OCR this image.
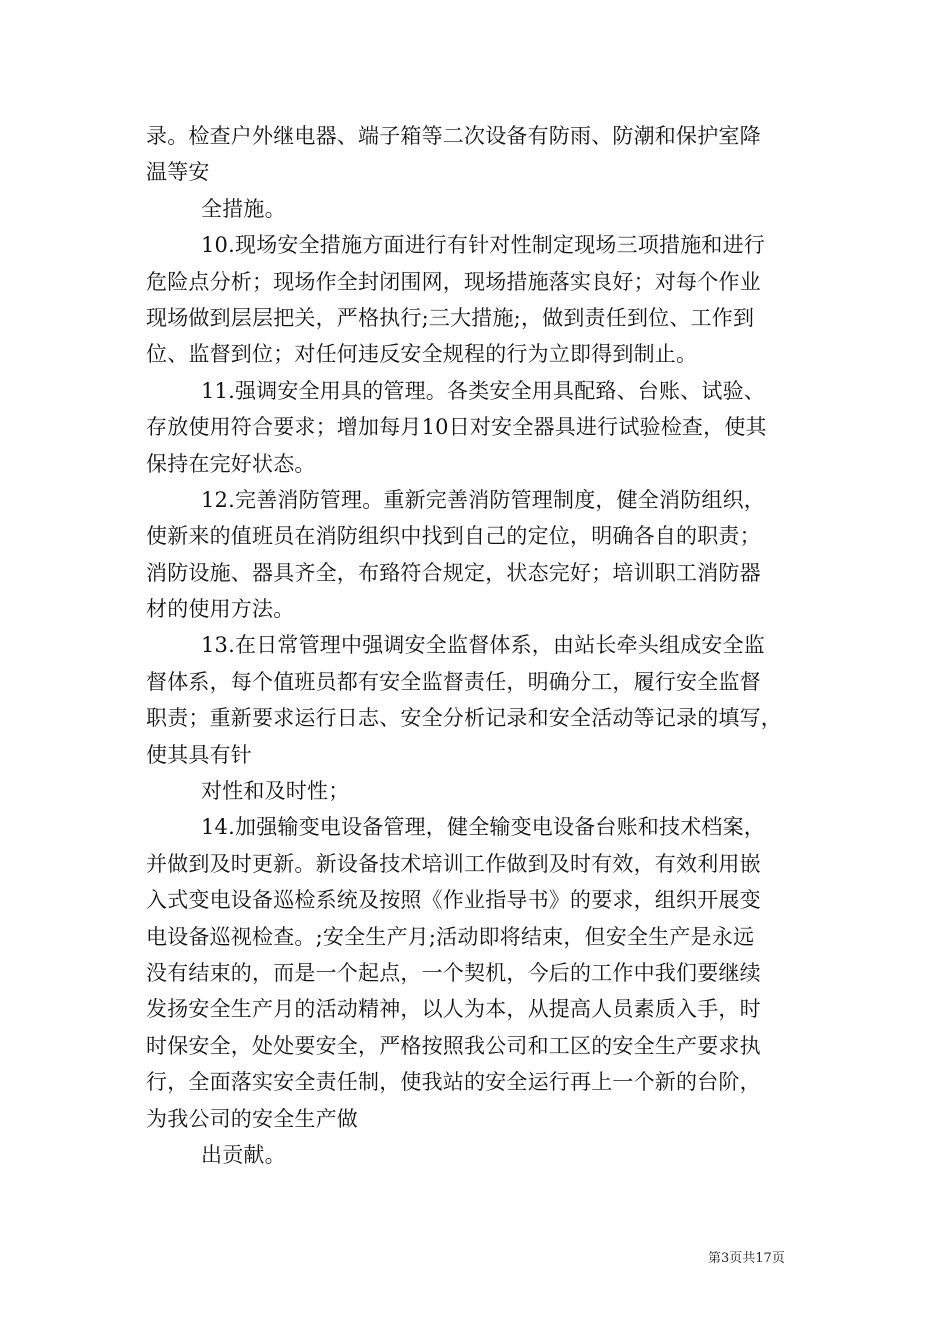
录。检查户外继电器、端子箱等二次设备有防雨、防潮和保护室降
温等安
全措施。
10.现场安全措施方面进行有针对性制定现场三项措施和进行
危险点分析；现场作全封闭围网，现场措施落实良好；对每个作业
现场做到层层把关，严格执行;三大措施;，做到责任到位、工作到
位、监督到位；对任何违反安全规程的行为立即得到制止。
11.强调安全用具的管理。各类安全用具配臵、台账、试验、
存放使用符合要求；增加每月10日对安全器具进行试验检查，使其
保持在完好状态。
12.完善消防管理。重新完善消防管理制度，健全消防组织，
使新来的值班员在消防组织中找到自己的定位，明确各自的职责；
消防设施、器具齐全，布臵符合规定，状态完好；培训职工消防器
材的使用方法。
13.在日常管理中强调安全监督体系，由站长牵头组成安全监
督体系，每个值班员都有安全监督责任，明确分工，履行安全监督
职责；重新要求运行日志、安全分析记录和安全活动等记录的填写，
使其具有针
对性和及时性；
14.加强输变电设备管理，健全输变电设备台账和技术档案，
并做到及时更新。新设备技术培训工作做到及时有效，有效利用嵌
入式变电设备巡检系统及按照《作业指导书》的要求，组织开展变
电设备巡视检查。;安全生产月;活动即将结束，但安全生产是永远
没有结束的，而是一个起点，一个契机，今后的工作中我们要继续
发扬安全生产月的活动精神，以人为本，从提高人员素质入手，时
时保安全，处处要安全，严格按照我公司和工区的安全生产要求执
行，全面落实安全责任制，使我站的安全运行再上一个新的台阶，
为我公司的安全生产做
出贡献。
第3页共17页
